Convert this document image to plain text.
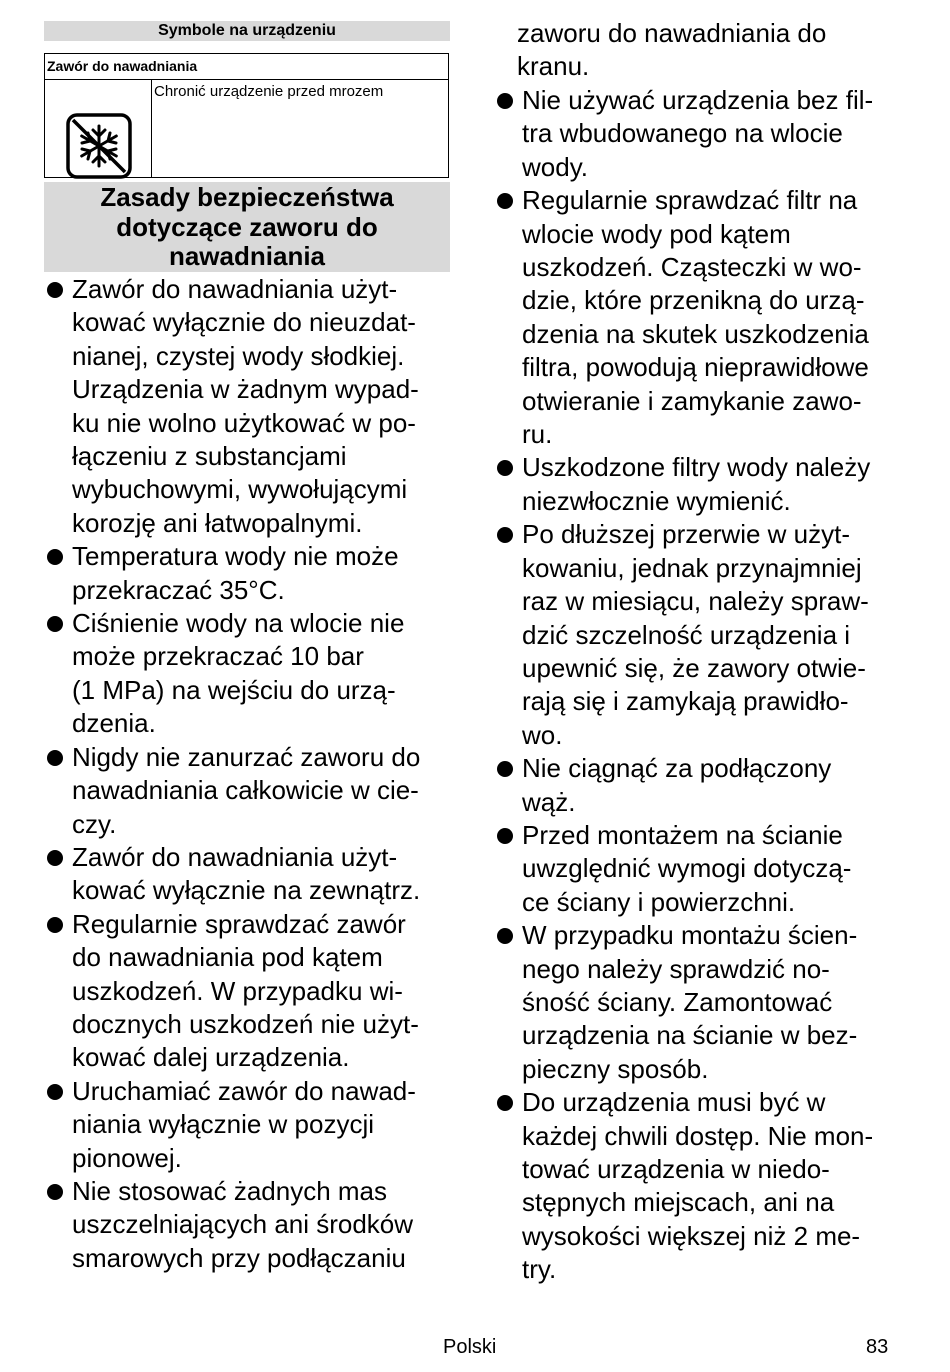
Symbole na urządzeniu
Zawór do nawadniania
Chronić urządzenie przed mrozem
Zasady bezpieczeństwa
dotyczące zaworu do
nawadniania
Zawór do nawadniania użyt-
kować wyłącznie do nieuzdat-
nianej, czystej wody słodkiej.
Urządzenia w żadnym wypad-
ku nie wolno użytkować w po-
łączeniu z substancjami
wybuchowymi, wywołującymi
korozję ani łatwopalnymi.
Temperatura wody nie może
przekraczać 35°C.
Ciśnienie wody na wlocie nie
może przekraczać 10 bar
(1 MPa) na wejściu do urzą-
dzenia.
Nigdy nie zanurzać zaworu do
nawadniania całkowicie w cie-
czy.
Zawór do nawadniania użyt-
kować wyłącznie na zewnątrz.
Regularnie sprawdzać zawór
do nawadniania pod kątem
uszkodzeń. W przypadku wi-
docznych uszkodzeń nie użyt-
kować dalej urządzenia.
Uruchamiać zawór do nawad-
niania wyłącznie w pozycji
pionowej.
Nie stosować żadnych mas
uszczelniających ani środków
smarowych przy podłączaniu
zaworu do nawadniania do
kranu.
Nie używać urządzenia bez fil-
tra wbudowanego na wlocie
wody.
Regularnie sprawdzać filtr na
wlocie wody pod kątem
uszkodzeń. Cząsteczki w wo-
dzie, które przenikną do urzą-
dzenia na skutek uszkodzenia
filtra, powodują nieprawidłowe
otwieranie i zamykanie zawo-
ru.
Uszkodzone filtry wody należy
niezwłocznie wymienić.
Po dłuższej przerwie w użyt-
kowaniu, jednak przynajmniej
raz w miesiącu, należy spraw-
dzić szczelność urządzenia i
upewnić się, że zawory otwie-
rają się i zamykają prawidło-
wo.
Nie ciągnąć za podłączony
wąż.
Przed montażem na ścianie
uwzględnić wymogi dotyczą-
ce ściany i powierzchni.
W przypadku montażu ścien-
nego należy sprawdzić no-
śność ściany. Zamontować
urządzenia na ścianie w bez-
pieczny sposób.
Do urządzenia musi być w
każdej chwili dostęp. Nie mon-
tować urządzenia w niedo-
stępnych miejscach, ani na
wysokości większej niż 2 me-
try.
Polski	83
